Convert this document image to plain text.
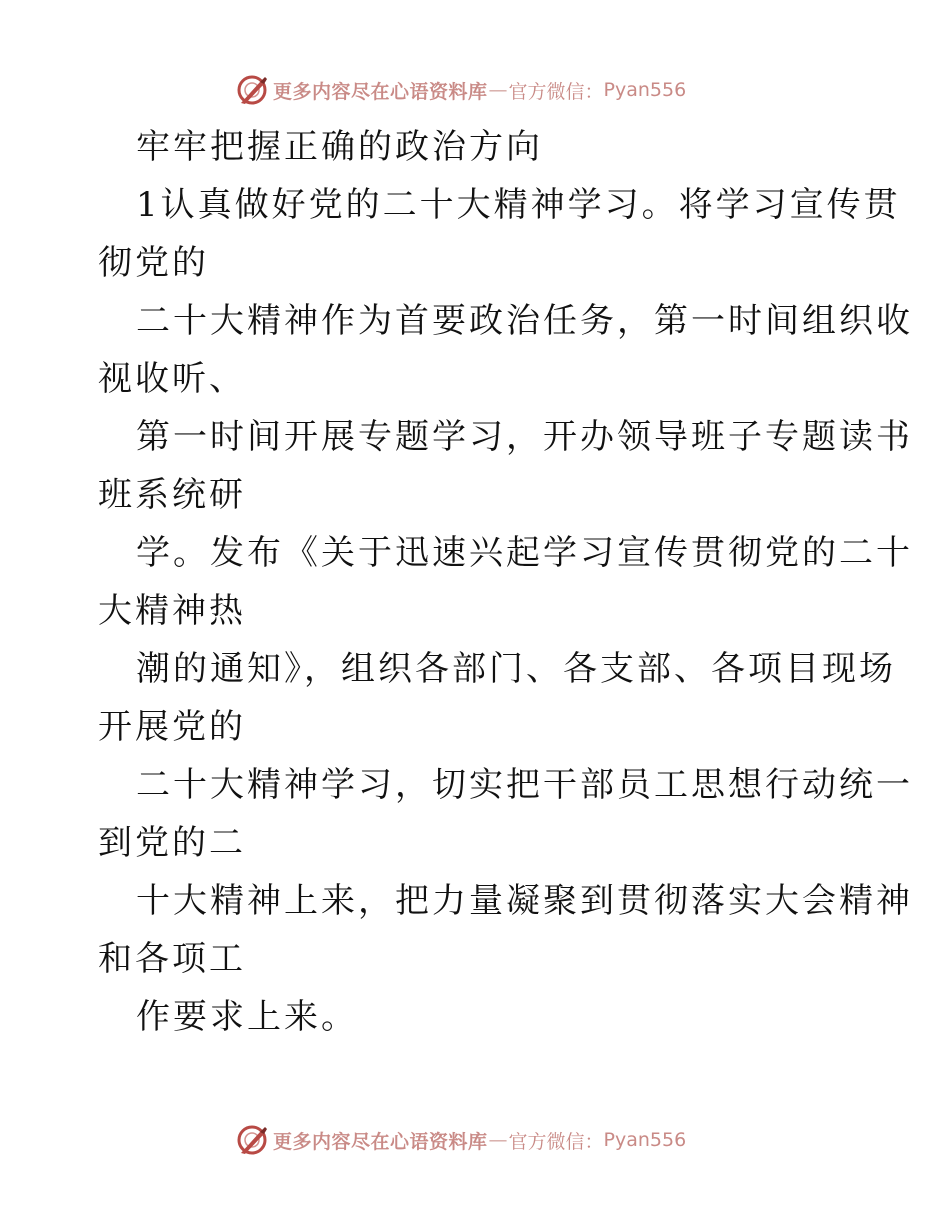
更多内容尽在心语资料库 — 官方微信： Pyan556
牢牢把握正确的政治方向
1认真做好党的二十大精神学习。将学习宣传贯
彻党的
二十大精神作为首要政治任务，第一时间组织收
视收听、
第一时间开展专题学习，开办领导班子专题读书
班系统研
学。发布《关于迅速兴起学习宣传贯彻党的二十
大精神热
潮的通知》，组织各部门、各支部、各项目现场
开展党的
二十大精神学习，切实把干部员工思想行动统一
到党的二
十大精神上来，把力量凝聚到贯彻落实大会精神
和各项工
作要求上来。
更多内容尽在心语资料库 — 官方微信： Pyan556
